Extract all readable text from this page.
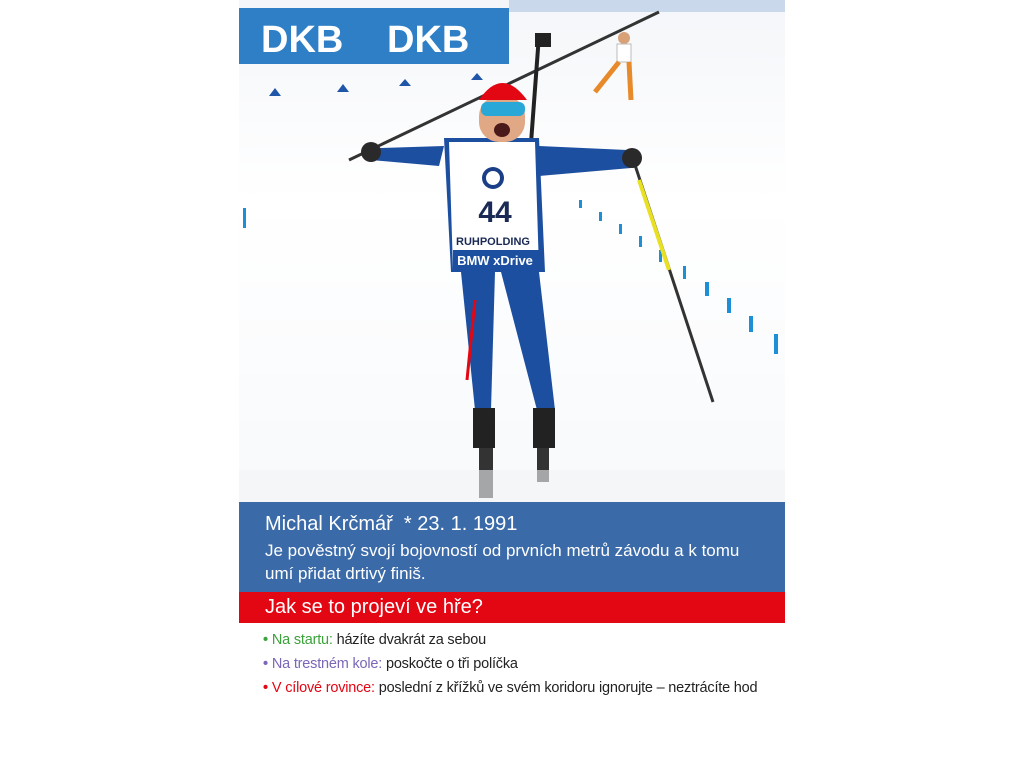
DKB DKB
44
RUHPOLDING
BMW xDrive
Michal Krčmář * 23. 1. 1991
Je pověstný svojí bojovností od prvních metrů závodu a k tomu umí přidat drtivý finiš.
Jak se to projeví ve hře?
• Na startu: házíte dvakrát za sebou
• Na trestném kole: poskočte o tři políčka
• V cílové rovince: poslední z křížků ve svém koridoru ignorujte – neztrácíte hod
